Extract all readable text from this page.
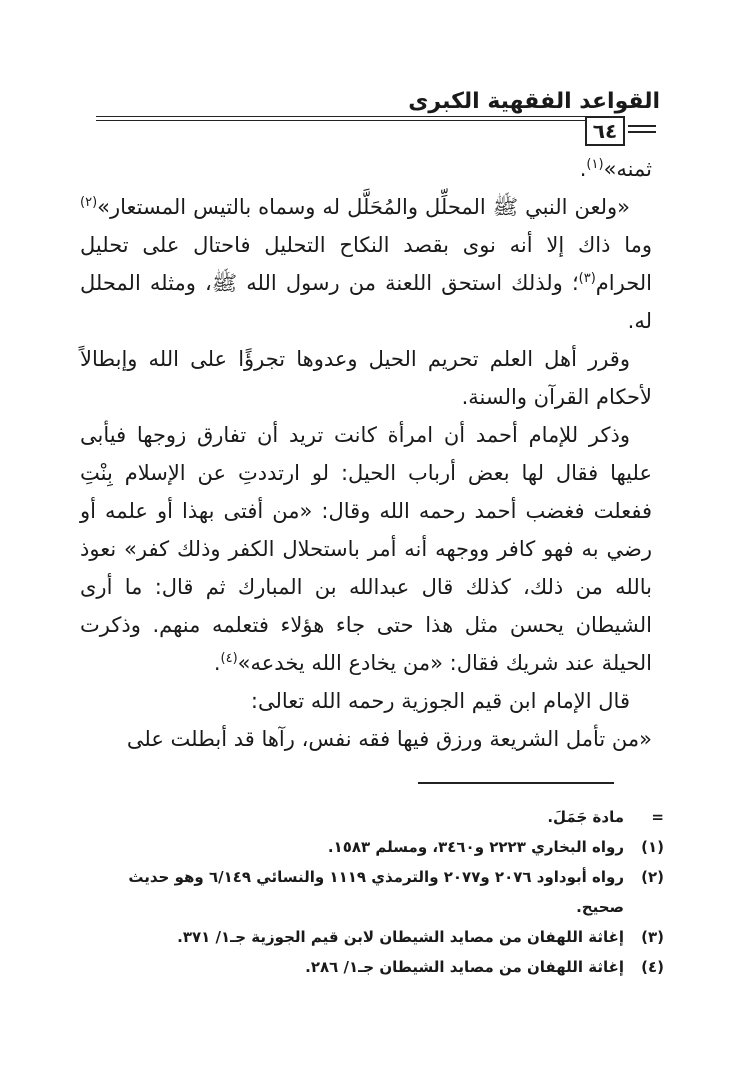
القواعد الفقهية الكبرى
٦٤

ثمنه»$^{(١)}$.

«ولعن النبي ﷺ المحلِّل والمُحَلَّل له وسماه بالتيس المستعار»$^{(٢)}$ وما ذاك إلا أنه نوى بقصد النكاح التحليل فاحتال على تحليل الحرام$^{(٣)}$؛ ولذلك استحق اللعنة من رسول الله ﷺ، ومثله المحلل له.

وقرر أهل العلم تحريم الحيل وعدوها تجرؤًا على الله وإبطالاً لأحكام القرآن والسنة.

وذكر للإمام أحمد أن امرأة كانت تريد أن تفارق زوجها فيأبى عليها فقال لها بعض أرباب الحيل: لو ارتددتِ عن الإسلام بِنْتِ ففعلت فغضب أحمد رحمه الله وقال: «من أفتى بهذا أو علمه أو رضي به فهو كافر ووجهه أنه أمر باستحلال الكفر وذلك كفر» نعوذ بالله من ذلك، كذلك قال عبدالله بن المبارك ثم قال: ما أرى الشيطان يحسن مثل هذا حتى جاء هؤلاء فتعلمه منهم. وذكرت الحيلة عند شريك فقال: «من يخادع الله يخدعه»$^{(٤)}$.

قال الإمام ابن قيم الجوزية رحمه الله تعالى:

«من تأمل الشريعة ورزق فيها فقه نفس، رآها قد أبطلت على

=
مادة جَمَلَ.
(١)
رواه البخاري ٢٢٢٣ و٣٤٦٠، ومسلم ١٥٨٣.
(٢)
رواه أبوداود ٢٠٧٦ و٢٠٧٧ والترمذي ١١١٩ والنسائي ٦/١٤٩ وهو حديث صحيح.
(٣)
إغاثة اللهفان من مصايد الشيطان لابن قيم الجوزية جـ١/ ٣٧١.
(٤)
إغاثة اللهفان من مصايد الشيطان جـ١/ ٢٨٦.
